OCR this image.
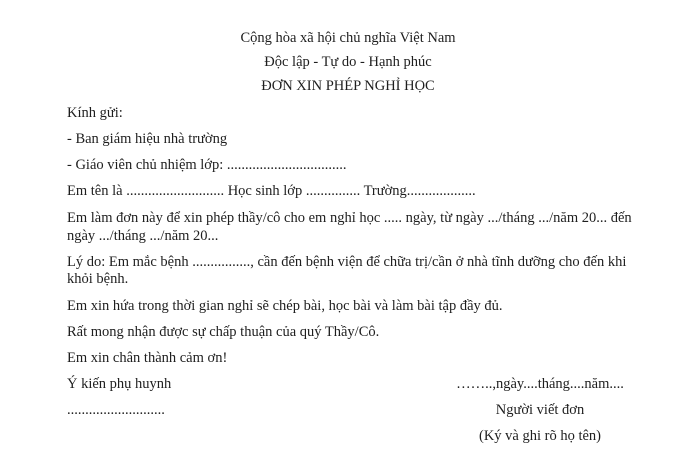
Cộng hòa xã hội chủ nghĩa Việt Nam
Độc lập - Tự do - Hạnh phúc
ĐƠN XIN PHÉP NGHỈ HỌC
Kính gửi:
- Ban giám hiệu nhà trường
- Giáo viên chủ nhiệm lớp: .................................
Em tên là ........................... Học sinh lớp ............... Trường...................
Em làm đơn này để xin phép thầy/cô cho em nghỉ học ..... ngày, từ ngày .../tháng .../năm 20... đến
ngày .../tháng .../năm 20...
Lý do: Em mắc bệnh ................, cần đến bệnh viện để chữa trị/cần ở nhà tĩnh dưỡng cho đến khi
khỏi bệnh.
Em xin hứa trong thời gian nghỉ sẽ chép bài, học bài và làm bài tập đầy đủ.
Rất mong nhận được sự chấp thuận của quý Thầy/Cô.
Em xin chân thành cảm ơn!
Ý kiến phụ huynh
...........................
……..,ngày....tháng....năm....
Người viết đơn
(Ký và ghi rõ họ tên)
